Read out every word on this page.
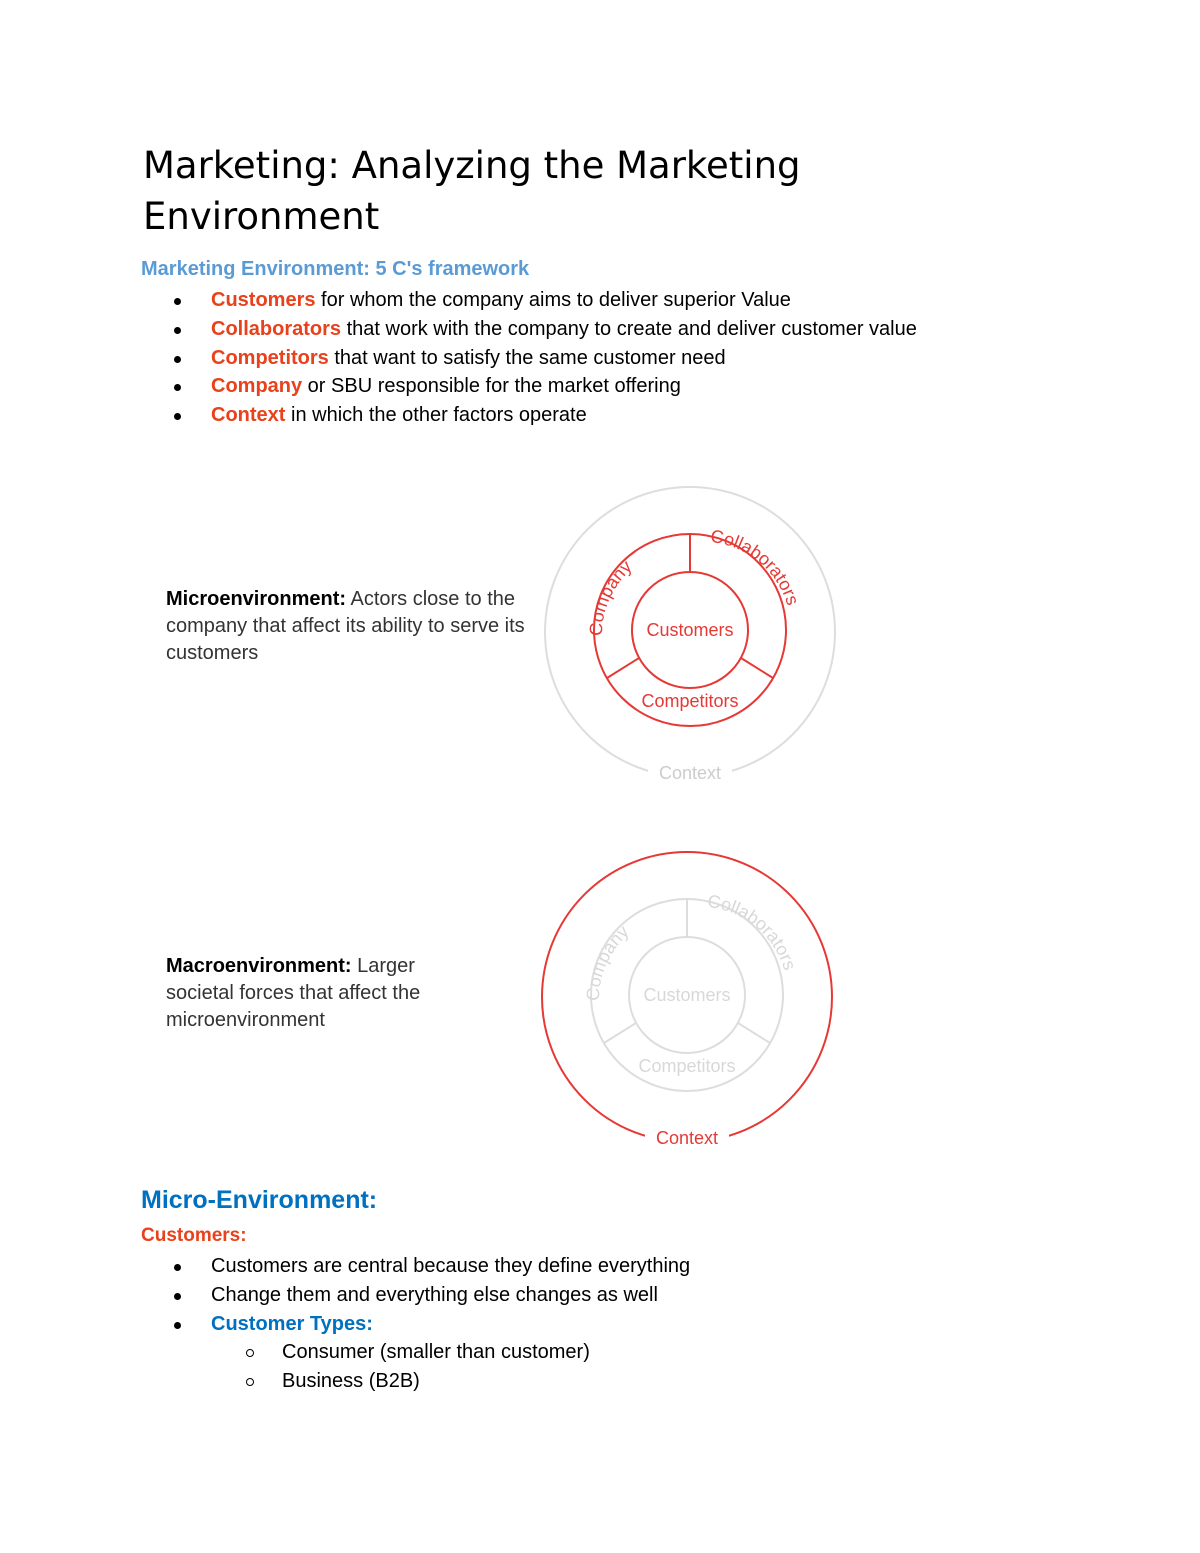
Marketing: Analyzing the Marketing Environment
Marketing Environment: 5 C's framework
Customers for whom the company aims to deliver superior Value
Collaborators that work with the company to create and deliver customer value
Competitors that want to satisfy the same customer need
Company or SBU responsible for the market offering
Context in which the other factors operate
Microenvironment: Actors close to the company that affect its ability to serve its customers
Context
Customers
Competitors
Company
Collaborators
Macroenvironment: Larger societal forces that affect the microenvironment
Context
Customers
Competitors
Company
Collaborators
Micro-Environment:
Customers:
Customers are central because they define everything
Change them and everything else changes as well
Customer Types:
Consumer (smaller than customer)
Business (B2B)
